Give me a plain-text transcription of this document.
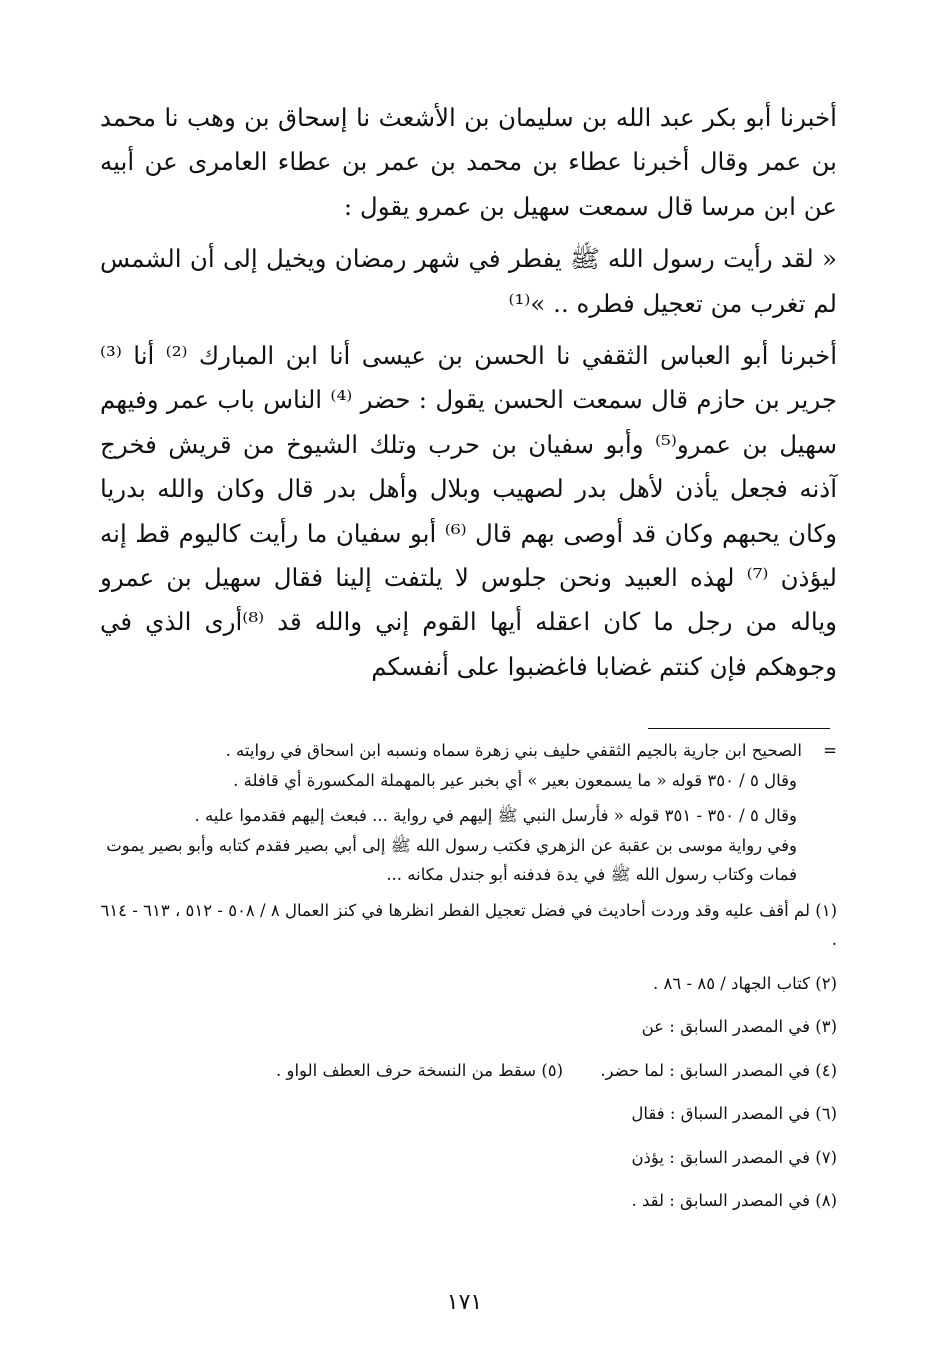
أخبرنا أبو بكر عبد الله بن سليمان بن الأشعث نا إسحاق بن وهب نا محمد بن عمر وقال أخبرنا عطاء بن محمد بن عمر بن عطاء العامرى عن أبيه عن ابن مرسا قال سمعت سهيل بن عمرو يقول :

« لقد رأيت رسول الله ﷺ يفطر في شهر رمضان ويخيل إلى أن الشمس لم تغرب من تعجيل فطره .. »⁽¹⁾

أخبرنا أبو العباس الثقفي نا الحسن بن عيسى أنا ابن المبارك ⁽²⁾ أنا ⁽³⁾ جرير بن حازم قال سمعت الحسن يقول : حضر ⁽⁴⁾ الناس باب عمر وفيهم سهيل بن عمرو⁽⁵⁾ وأبو سفيان بن حرب وتلك الشيوخ من قريش فخرج آذنه فجعل يأذن لأهل بدر لصهيب وبلال وأهل بدر قال وكان والله بدريا وكان يحبهم وكان قد أوصى بهم قال ⁽⁶⁾ أبو سفيان ما رأيت كاليوم قط إنه ليؤذن ⁽⁷⁾ لهذه العبيد ونحن جلوس لا يلتفت إلينا فقال سهيل بن عمرو وياله من رجل ما كان اعقله أيها القوم إني والله قد ⁽⁸⁾أرى الذي في وجوهكم فإن كنتم غضابا فاغضبوا على أنفسكم

= الصحيح ابن جارية بالجيم الثقفي حليف بني زهرة سماه ونسبه ابن اسحاق في روايته .
وقال ٥ / ٣٥٠ قوله « ما يسمعون بعير » أي بخبر عير بالمهملة المكسورة أي قافلة .
وقال ٥ / ٣٥٠ - ٣٥١ قوله « فأرسل النبي ﷺ إليهم في رواية ... فبعث إليهم فقدموا عليه .
وفي رواية موسى بن عقبة عن الزهري فكتب رسول الله ﷺ إلى أبي بصير فقدم كتابه وأبو بصير يموت فمات وكتاب رسول الله ﷺ في يدة فدفنه أبو جندل مكانه ...
(١) لم أقف عليه وقد وردت أحاديث في فضل تعجيل الفطر انظرها في كنز العمال ٨ / ٥٠٨ - ٥١٢ ، ٦١٣ - ٦١٤ .
(٢) كتاب الجهاد / ٨٥ - ٨٦ .
(٣) في المصدر السابق : عن
(٤) في المصدر السابق : لما حضر. (٥) سقط من النسخة حرف العطف الواو .
(٦) في المصدر السباق : فقال
(٧) في المصدر السابق : يؤذن
(٨) في المصدر السابق : لقد .
١٧١
